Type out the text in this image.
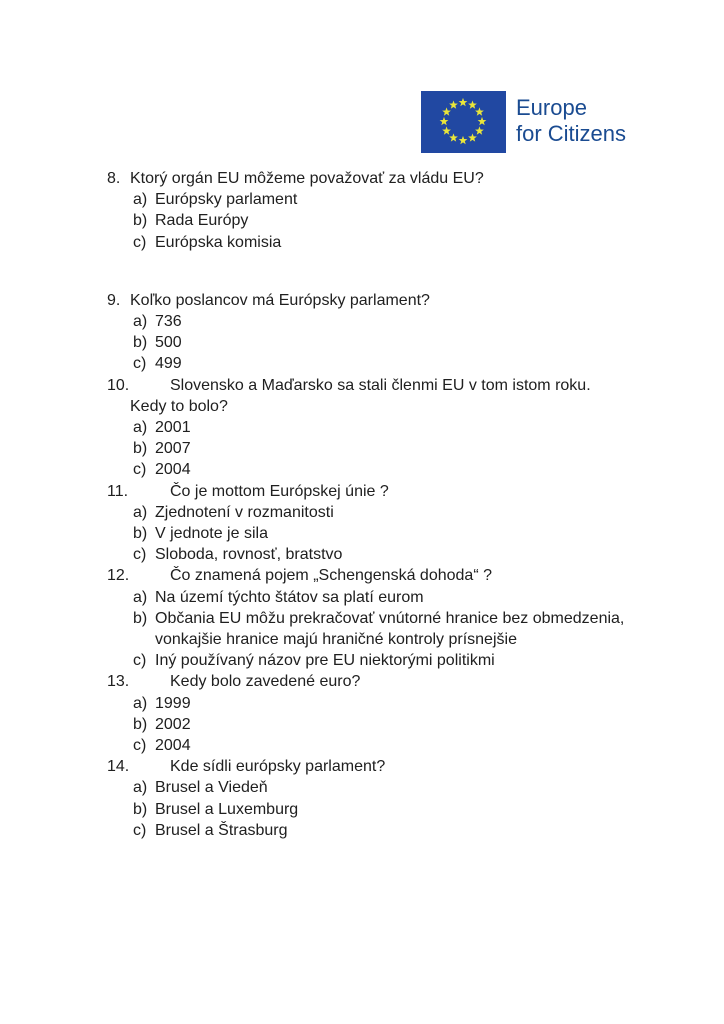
Europe
for Citizens
8. Ktorý orgán EU môžeme považovať za vládu EU?
a) Európsky parlament
b) Rada Európy
c) Európska komisia
9. Koľko poslancov má Európsky parlament?
a) 736
b) 500
c) 499
10.	Slovensko a Maďarsko sa stali členmi EU v tom istom roku.
Kedy to bolo?
a) 2001
b) 2007
c) 2004
11.	Čo je mottom Európskej únie ?
a) Zjednotení v rozmanitosti
b) V jednote je sila
c) Sloboda, rovnosť, bratstvo
12.	Čo znamená pojem „Schengenská dohoda“ ?
a) Na území týchto štátov sa platí eurom
b) Občania EU môžu prekračovať vnútorné hranice bez obmedzenia, vonkajšie hranice majú hraničné kontroly prísnejšie
c) Iný používaný názov pre EU niektorými politikmi
13.	Kedy bolo zavedené euro?
a) 1999
b) 2002
c) 2004
14.	Kde sídli európsky parlament?
a) Brusel a Viedeň
b) Brusel a Luxemburg
c) Brusel a Štrasburg
